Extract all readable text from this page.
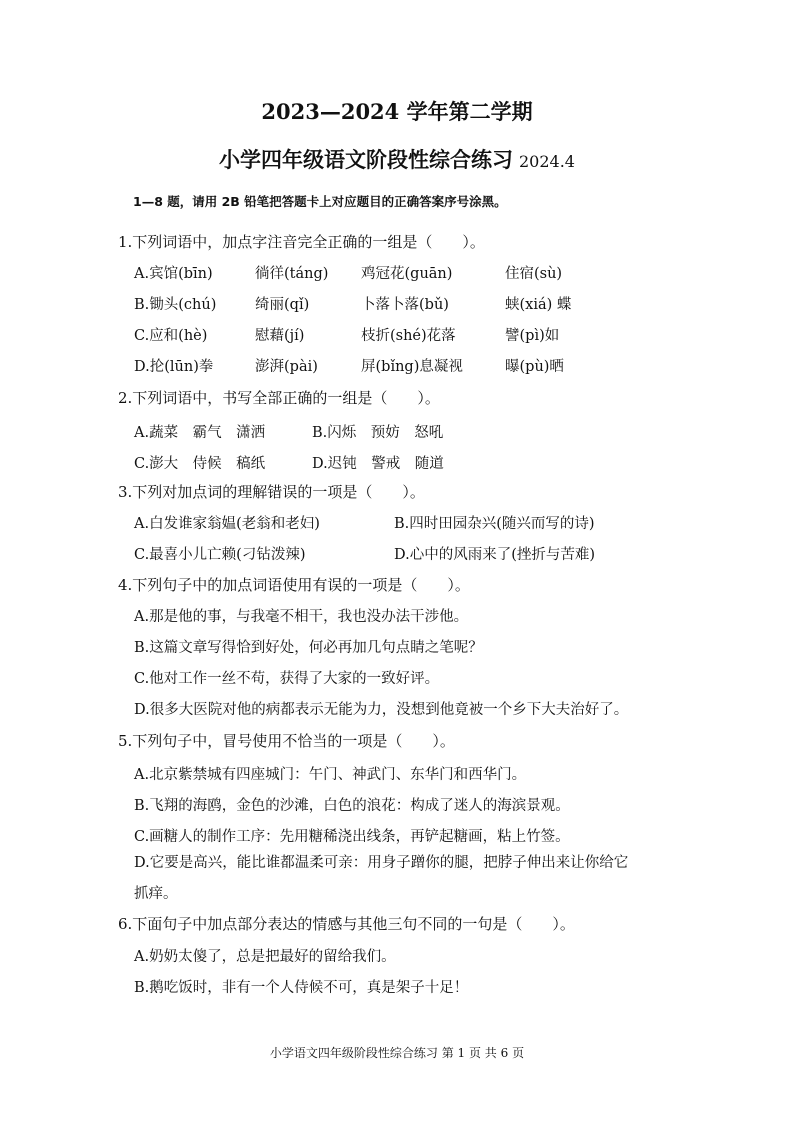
2023—2024 学年第二学期
小学四年级语文阶段性综合练习 2024.4
1—8 题，请用 2B 铅笔把答题卡上对应题目的正确答案序号涂黑。
1.下列词语中，加点字注音完全正确的一组是（　　）。
A.宾馆(bīn)	徜徉(táng) 鸡冠花(guān)	住宿(sù)
B.锄头(chú)	绮丽(qǐ)	卜落卜落(bǔ)	蛱(xiá) 蝶
C.应和(hè)	慰藉(jí)	枝折(shé)花落	譬(pì)如
D.抡(lūn)拳	澎湃(pài)	屏(bǐng)息凝视	曝(pù)晒
2.下列词语中，书写全部正确的一组是（　　）。
A.蔬菜　霸气　潇洒	B.闪烁　预妨　怒吼
C.澎大　侍候　稿纸	D.迟钝　警戒　随道
3.下列对加点词的理解错误的一项是（　　）。
A.白发谁家翁媪(老翁和老妇)	B.四时田园杂兴(随兴而写的诗)
C.最喜小儿亡赖(刁钻泼辣)	D.心中的风雨来了(挫折与苦难)
4.下列句子中的加点词语使用有误的一项是（　　）。
A.那是他的事，与我毫不相干，我也没办法干涉他。
B.这篇文章写得恰到好处，何必再加几句点睛之笔呢？
C.他对工作一丝不苟，获得了大家的一致好评。
D.很多大医院对他的病都表示无能为力，没想到他竟被一个乡下大夫治好了。
5.下列句子中，冒号使用不恰当的一项是（　　）。
A.北京紫禁城有四座城门：午门、神武门、东华门和西华门。
B.飞翔的海鸥，金色的沙滩，白色的浪花：构成了迷人的海滨景观。
C.画糖人的制作工序：先用糖稀浇出线条，再铲起糖画，粘上竹签。
D.它要是高兴，能比谁都温柔可亲：用身子蹭你的腿，把脖子伸出来让你给它
抓痒。
6.下面句子中加点部分表达的情感与其他三句不同的一句是（　　）。
A.奶奶太傻了，总是把最好的留给我们。
B.鹅吃饭时，非有一个人侍候不可，真是架子十足！
小学语文四年级阶段性综合练习 第 1 页 共 6 页
